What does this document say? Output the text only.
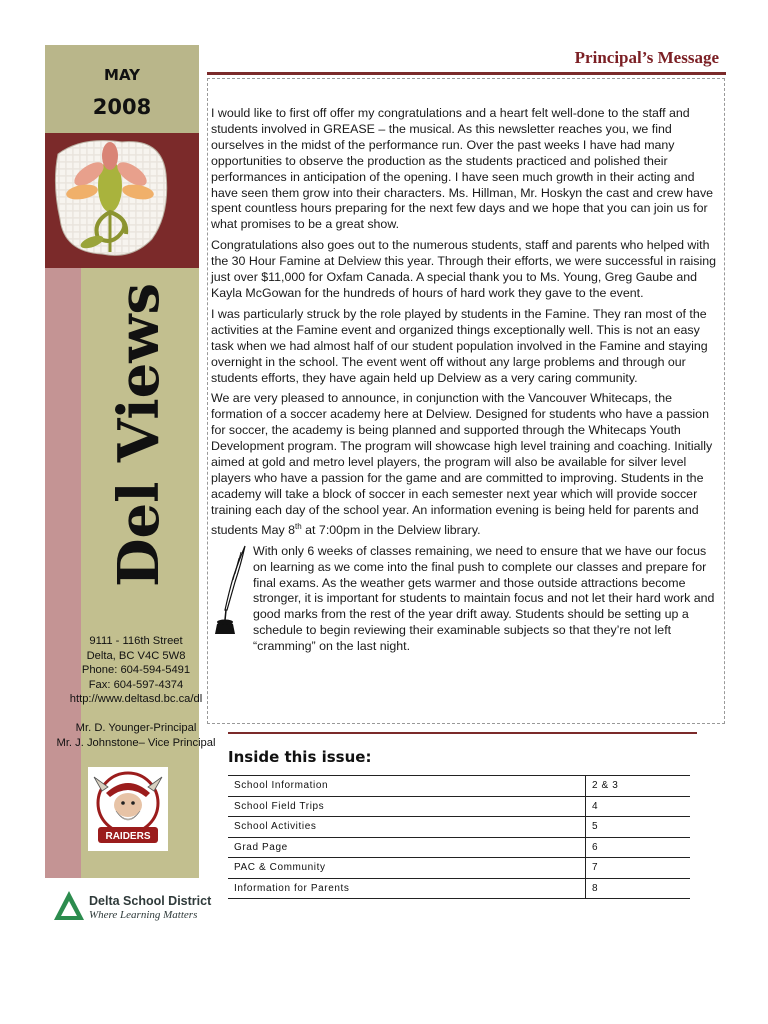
MAY
2008
Del Views
9111 - 116th Street
Delta, BC V4C 5W8
Phone: 604-594-5491
Fax: 604-597-4374
http://www.deltasd.bc.ca/dl
Mr. D. Younger-Principal
Mr. J. Johnstone– Vice Principal
RAIDERS
Delta School District
Where Learning Matters
Principal’s Message

I would like to first off offer my congratulations and a heart felt well-done to the staff and students involved in GREASE – the musical. As this newsletter reaches you, we find ourselves in the midst of the performance run. Over the past weeks I have had many opportunities to observe the production as the students practiced and polished their performances in anticipation of the opening. I have seen much growth in their acting and have seen them grow into their characters. Ms. Hillman, Mr. Hoskyn the cast and crew have spent countless hours preparing for the next few days and we hope that you can join us for what promises to be a great show.

Congratulations also goes out to the numerous students, staff and parents who helped with the 30 Hour Famine at Delview this year. Through their efforts, we were successful in raising just over $11,000 for Oxfam Canada. A special thank you to Ms. Young, Greg Gaube and Kayla McGowan for the hundreds of hours of hard work they gave to the event.

I was particularly struck by the role played by students in the Famine. They ran most of the activities at the Famine event and organized things exceptionally well. This is not an easy task when we had almost half of our student population involved in the Famine and staying overnight in the school. The event went off without any large problems and through our students efforts, they have again held up Delview as a very caring community.

We are very pleased to announce, in conjunction with the Vancouver Whitecaps, the formation of a soccer academy here at Delview. Designed for students who have a passion for soccer, the academy is being planned and supported through the Whitecaps Youth Development program. The program will showcase high level training and coaching. Initially aimed at gold and metro level players, the program will also be available for silver level players who have a passion for the game and are committed to improving. Students in the academy will take a block of soccer in each semester next year which will provide soccer training each day of the school year. An information evening is being held for parents and students May 8th at 7:00pm in the Delview library.

With only 6 weeks of classes remaining, we need to ensure that we have our focus on learning as we come into the final push to complete our classes and prepare for final exams. As the weather gets warmer and those outside attractions become stronger, it is important for students to maintain focus and not let their hard work and good marks from the rest of the year drift away. Students should be setting up a schedule to begin reviewing their examinable subjects so that they’re not left “cramming” on the last night.

Inside this issue:
School Information	2 & 3
School Field Trips	4
School Activities	5
Grad Page	6
PAC & Community	7
Information for Parents	8
